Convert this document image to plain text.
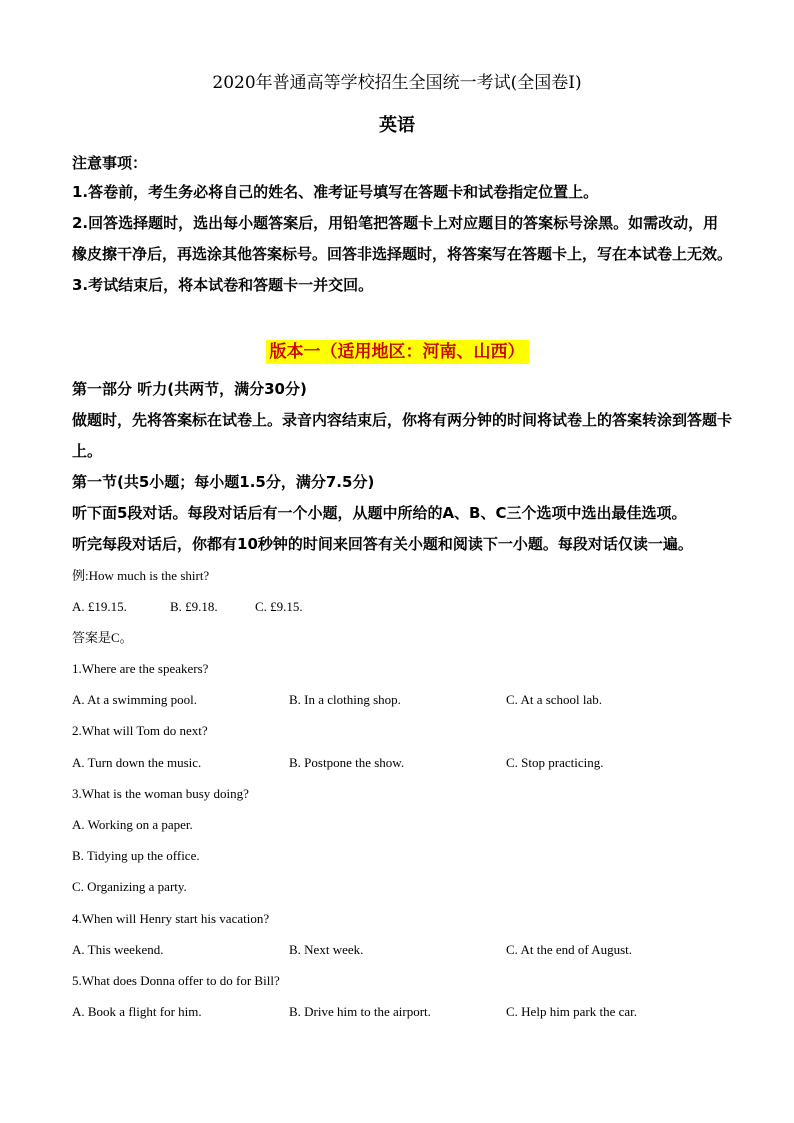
2020年普通高等学校招生全国统一考试(全国卷Ⅰ)
英语
注意事项：

1.答卷前，考生务必将自己的姓名、准考证号填写在答题卡和试卷指定位置上。

2.回答选择题时，选出每小题答案后，用铅笔把答题卡上对应题目的答案标号涂黑。如需改动，用橡皮擦干净后，再选涂其他答案标号。回答非选择题时，将答案写在答题卡上，写在本试卷上无效。

3.考试结束后，将本试卷和答题卡一并交回。

版本一（适用地区：河南、山西）

第一部分 听力(共两节，满分30分)

做题时，先将答案标在试卷上。录音内容结束后，你将有两分钟的时间将试卷上的答案转涂到答题卡上。

第一节(共5小题；每小题1.5分，满分7.5分)

听下面5段对话。每段对话后有一个小题，从题中所给的A、B、C三个选项中选出最佳选项。

听完每段对话后，你都有10秒钟的时间来回答有关小题和阅读下一小题。每段对话仅读一遍。

例:How much is the shirt?
A. £19.15.	B. £9.18.	C. £9.15.
答案是C。
1.Where are the speakers?
A. At a swimming pool.	B. In a clothing shop.	C. At a school lab.
2.What will Tom do next?
A. Turn down the music.	B. Postpone the show.	C. Stop practicing.
3.What is the woman busy doing?
A. Working on a paper.
B. Tidying up the office.
C. Organizing a party.
4.When will Henry start his vacation?
A. This weekend.	B. Next week.	C. At the end of August.
5.What does Donna offer to do for Bill?
A. Book a flight for him.	B. Drive him to the airport.	C. Help him park the car.
